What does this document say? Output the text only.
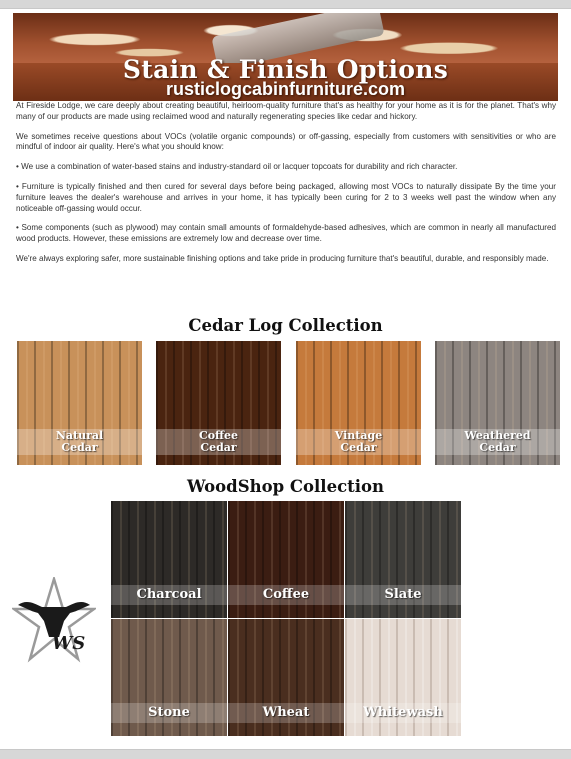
Stain & Finish Options
rusticlogcabinfurniture.com

At Fireside Lodge, we care deeply about creating beautiful, heirloom-quality furniture that's as healthy for your home as it is for the planet. That's why many of our products are made using reclaimed wood and naturally regenerating species like cedar and hickory.

We sometimes receive questions about VOCs (volatile organic compounds) or off-gassing, especially from customers with sensitivities or who are mindful of indoor air quality. Here's what you should know:

• We use a combination of water-based stains and industry-standard oil or lacquer topcoats for durability and rich character.

• Furniture is typically finished and then cured for several days before being packaged, allowing most VOCs to naturally dissipate By the time your furniture leaves the dealer's warehouse and arrives in your home, it has typically been curing for 2 to 3 weeks well past the window when any noticeable off-gassing would occur.

• Some components (such as plywood) may contain small amounts of formaldehyde-based adhesives, which are common in nearly all manufactured wood products. However, these emissions are extremely low and decrease over time.

We're always exploring safer, more sustainable finishing options and take pride in producing furniture that's beautiful, durable, and responsibly made.

Cedar Log Collection
Natural
Cedar
Coffee
Cedar
Vintage
Cedar
Weathered
Cedar
WoodShop Collection
Charcoal	Coffee	Slate
Stone	Wheat	Whitewash
WS
